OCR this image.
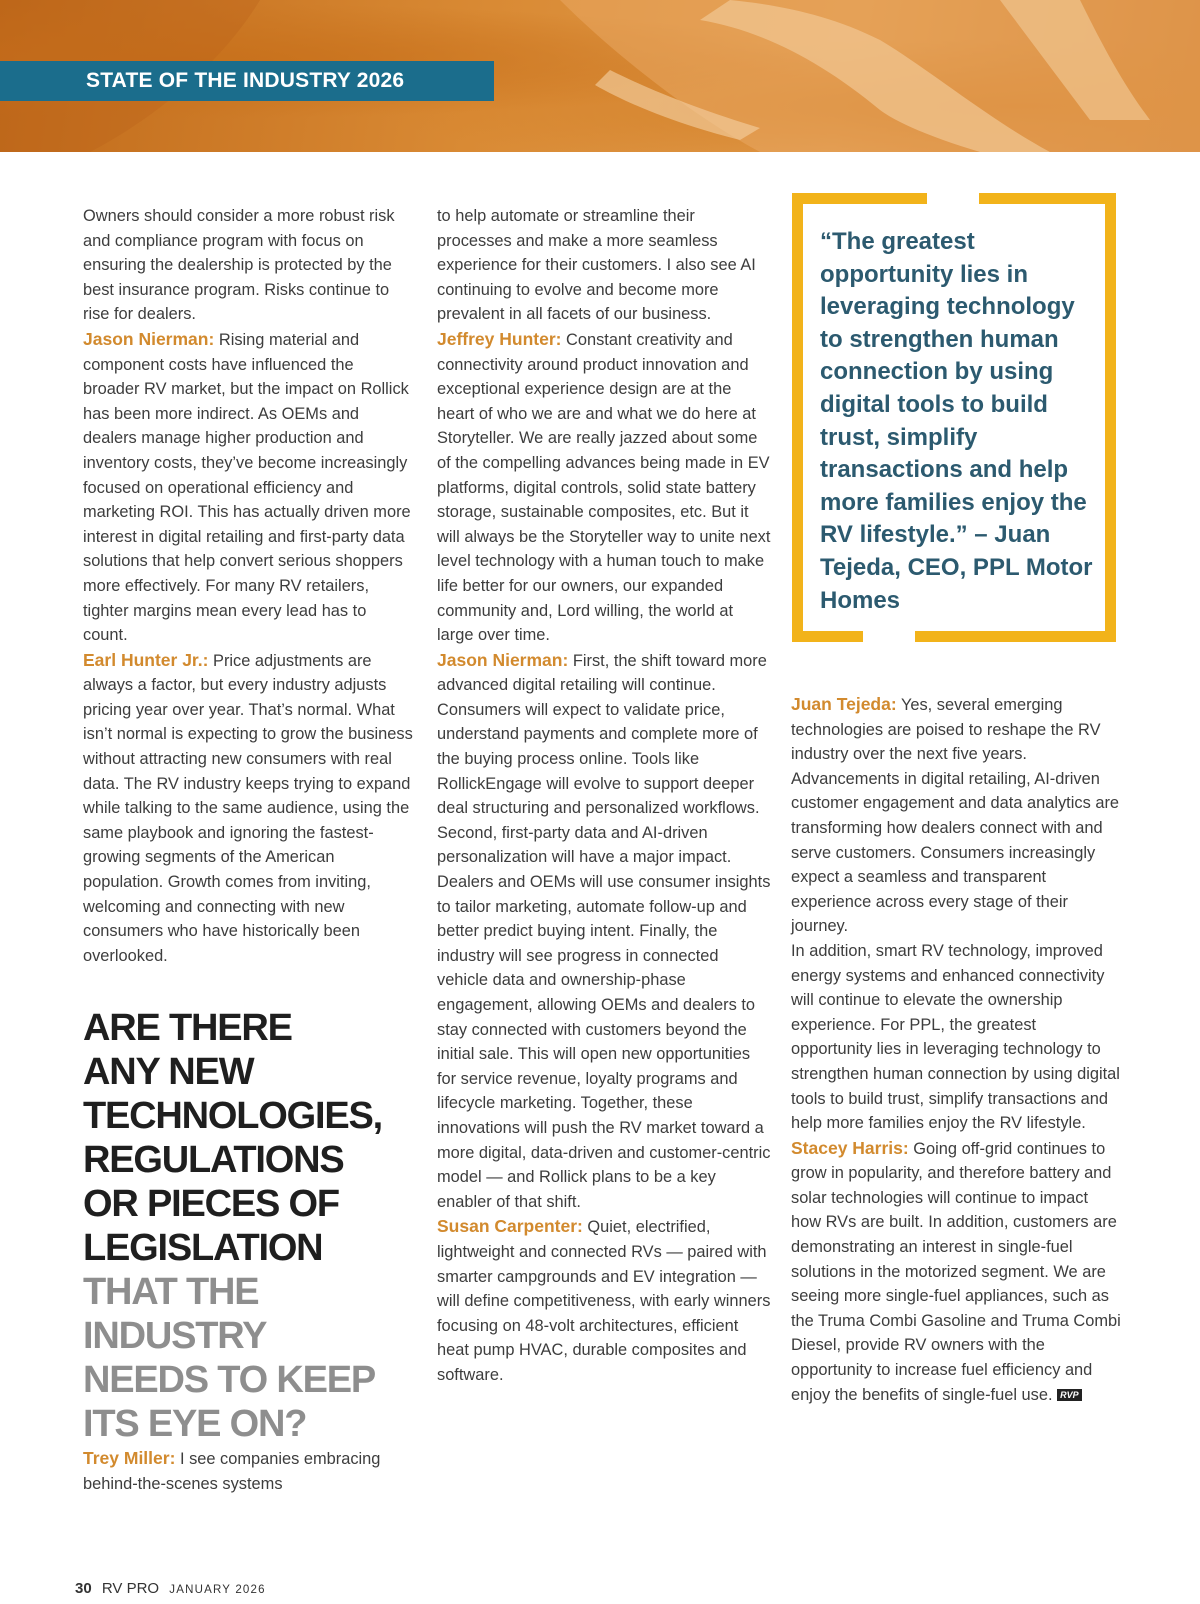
STATE OF THE INDUSTRY 2026

Owners should consider a more robust risk and compliance program with focus on ensuring the dealership is protected by the best insurance program. Risks continue to rise for dealers.

Jason Nierman: Rising material and component costs have influenced the broader RV market, but the impact on Rollick has been more indirect. As OEMs and dealers manage higher production and inventory costs, they’ve become increasingly focused on operational efficiency and marketing ROI. This has actually driven more interest in digital retailing and first-party data solutions that help convert serious shoppers more effectively. For many RV retailers, tighter margins mean every lead has to count.

Earl Hunter Jr.: Price adjustments are always a factor, but every industry adjusts pricing year over year. That’s normal. What isn’t normal is expecting to grow the business without attracting new consumers with real data. The RV industry keeps trying to expand while talking to the same audience, using the same playbook and ignoring the fastest-growing segments of the American population. Growth comes from inviting, welcoming and connecting with new consumers who have historically been overlooked.

ARE THERE
ANY NEW
TECHNOLOGIES,
REGULATIONS
OR PIECES OF
LEGISLATION
THAT THE
INDUSTRY
NEEDS TO KEEP
ITS EYE ON?

Trey Miller: I see companies embracing behind-the-scenes systems

to help automate or streamline their processes and make a more seamless experience for their customers. I also see AI continuing to evolve and become more prevalent in all facets of our business.

Jeffrey Hunter: Constant creativity and connectivity around product innovation and exceptional experience design are at the heart of who we are and what we do here at Storyteller. We are really jazzed about some of the compelling advances being made in EV platforms, digital controls, solid state battery storage, sustainable composites, etc. But it will always be the Storyteller way to unite next level technology with a human touch to make life better for our owners, our expanded community and, Lord willing, the world at large over time.

Jason Nierman: First, the shift toward more advanced digital retailing will continue. Consumers will expect to validate price, understand payments and complete more of the buying process online. Tools like RollickEngage will evolve to support deeper deal structuring and personalized workflows. Second, first-party data and AI-driven personalization will have a major impact. Dealers and OEMs will use consumer insights to tailor marketing, automate follow-up and better predict buying intent. Finally, the industry will see progress in connected vehicle data and ownership-phase engagement, allowing OEMs and dealers to stay connected with customers beyond the initial sale. This will open new opportunities for service revenue, loyalty programs and lifecycle marketing. Together, these innovations will push the RV market toward a more digital, data-driven and customer-centric model — and Rollick plans to be a key enabler of that shift.

Susan Carpenter: Quiet, electrified, lightweight and connected RVs — paired with smarter campgrounds and EV integration — will define competitiveness, with early winners focusing on 48-volt architectures, efficient heat pump HVAC, durable composites and software.

“The greatest opportunity lies in leveraging technology to strengthen human connection by using digital tools to build trust, simplify transactions and help more families enjoy the RV lifestyle.” – Juan Tejeda, CEO, PPL Motor Homes

Juan Tejeda: Yes, several emerging technologies are poised to reshape the RV industry over the next five years. Advancements in digital retailing, AI-driven customer engagement and data analytics are transforming how dealers connect with and serve customers. Consumers increasingly expect a seamless and transparent experience across every stage of their journey.

In addition, smart RV technology, improved energy systems and enhanced connectivity will continue to elevate the ownership experience. For PPL, the greatest opportunity lies in leveraging technology to strengthen human connection by using digital tools to build trust, simplify transactions and help more families enjoy the RV lifestyle.

Stacey Harris: Going off-grid continues to grow in popularity, and therefore battery and solar technologies will continue to impact how RVs are built. In addition, customers are demonstrating an interest in single-fuel solutions in the motorized segment. We are seeing more single-fuel appliances, such as the Truma Combi Gasoline and Truma Combi Diesel, provide RV owners with the opportunity to increase fuel efficiency and enjoy the benefits of single-fuel use. RVP

30 RV PRO JANUARY 2026
